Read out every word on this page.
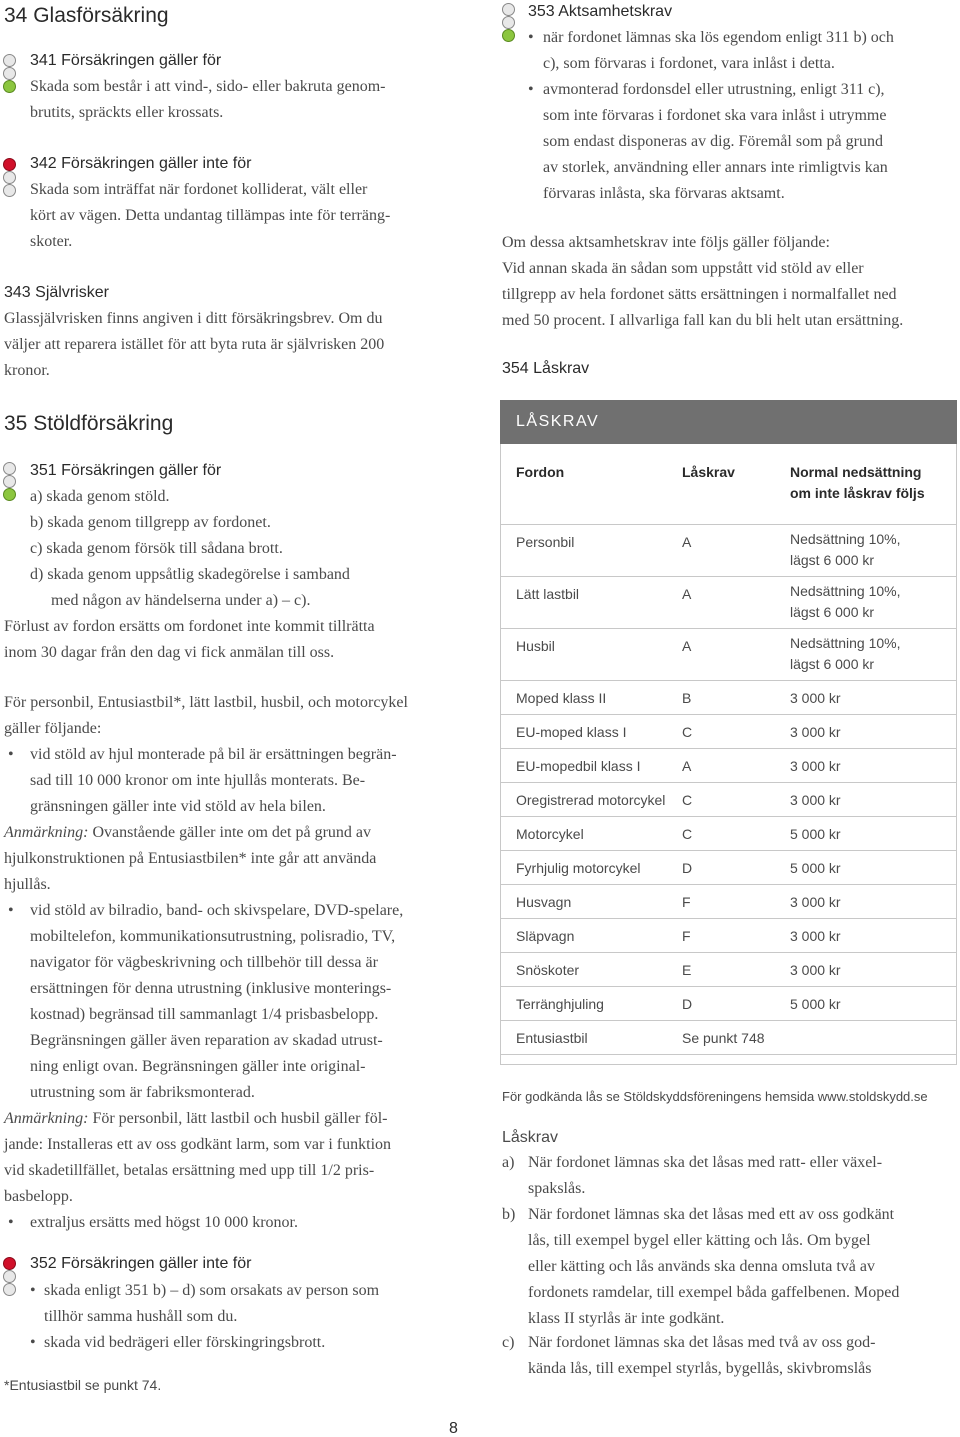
34 Glasförsäkring
341 Försäkringen gäller för
Skada som består i att vind-, sido- eller bakruta genom-
brutits, spräckts eller krossats.
342 Försäkringen gäller inte för
Skada som inträffat när fordonet kolliderat, vält eller
kört av vägen. Detta undantag tillämpas inte för terräng-
skoter.
343 Självrisker
Glassjälvrisken finns angiven i ditt försäkringsbrev. Om du
väljer att reparera istället för att byta ruta är självrisken 200
kronor.
35 Stöldförsäkring
351 Försäkringen gäller för
a) skada genom stöld.
b) skada genom tillgrepp av fordonet.
c) skada genom försök till sådana brott.
d) skada genom uppsåtlig skadegörelse i samband
med någon av händelserna under a) – c).
Förlust av fordon ersätts om fordonet inte kommit tillrätta
inom 30 dagar från den dag vi fick anmälan till oss.
För personbil, Entusiastbil*, lätt lastbil, husbil, och motorcykel
gäller följande:
• vid stöld av hjul monterade på bil är ersättningen begrän-
sad till 10 000 kronor om inte hjullås monterats. Be-
gränsningen gäller inte vid stöld av hela bilen.
Anmärkning: Ovanstående gäller inte om det på grund av
hjulkonstruktionen på Entusiastbilen* inte går att använda
hjullås.
• vid stöld av bilradio, band- och skivspelare, DVD-spelare,
mobiltelefon, kommunikationsutrustning, polisradio, TV,
navigator för vägbeskrivning och tillbehör till dessa är
ersättningen för denna utrustning (inklusive monterings-
kostnad) begränsad till sammanlagt 1/4 prisbasbelopp.
Begränsningen gäller även reparation av skadad utrust-
ning enligt ovan. Begränsningen gäller inte original-
utrustning som är fabriksmonterad.
Anmärkning: För personbil, lätt lastbil och husbil gäller föl-
jande: Installeras ett av oss godkänt larm, som var i funktion
vid skadetillfället, betalas ersättning med upp till 1/2 pris-
basbelopp.
• extraljus ersätts med högst 10 000 kronor.
352 Försäkringen gäller inte för
• skada enligt 351 b) – d) som orsakats av person som
tillhör samma hushåll som du.
• skada vid bedrägeri eller förskingringsbrott.
*Entusiastbil se punkt 74.
353 Aktsamhetskrav
• när fordonet lämnas ska lös egendom enligt 311 b) och
c), som förvaras i fordonet, vara inlåst i detta.
• avmonterad fordonsdel eller utrustning, enligt 311 c),
som inte förvaras i fordonet ska vara inlåst i utrymme
som endast disponeras av dig. Föremål som på grund
av storlek, användning eller annars inte rimligtvis kan
förvaras inlåsta, ska förvaras aktsamt.
Om dessa aktsamhetskrav inte följs gäller följande:
Vid annan skada än sådan som uppstått vid stöld av eller
tillgrepp av hela fordonet sätts ersättningen i normalfallet ned
med 50 procent. I allvarliga fall kan du bli helt utan ersättning.
354 Låskrav
LÅSKRAV
Fordon	Låskrav	Normal nedsättning
om inte låskrav följs

Personbil	A	Nedsättning 10%,
lägst 6 000 kr

Lätt lastbil	A	Nedsättning 10%,
lägst 6 000 kr

Husbil	A	Nedsättning 10%,
lägst 6 000 kr

Moped klass II	B	3 000 kr
EU-moped klass I	C	3 000 kr
EU-mopedbil klass I	A	3 000 kr
Oregistrerad motorcykel	C	3 000 kr
Motorcykel	C	5 000 kr
Fyrhjulig motorcykel	D	5 000 kr
Husvagn	F	3 000 kr
Släpvagn	F	3 000 kr
Snöskoter	E	3 000 kr
Terränghjuling	D	5 000 kr
Entusiastbil	Se punkt 748	
För godkända lås se Stöldskyddsföreningens hemsida www.stoldskydd.se
Låskrav
a) När fordonet lämnas ska det låsas med ratt- eller växel-
spakslås.
b) När fordonet lämnas ska det låsas med ett av oss godkänt
lås, till exempel bygel eller kätting och lås. Om bygel
eller kätting och lås används ska denna omsluta två av
fordonets ramdelar, till exempel båda gaffelbenen. Moped
klass II styrlås är inte godkänt.
c) När fordonet lämnas ska det låsas med två av oss god-
kända lås, till exempel styrlås, bygellås, skivbromslås
8
